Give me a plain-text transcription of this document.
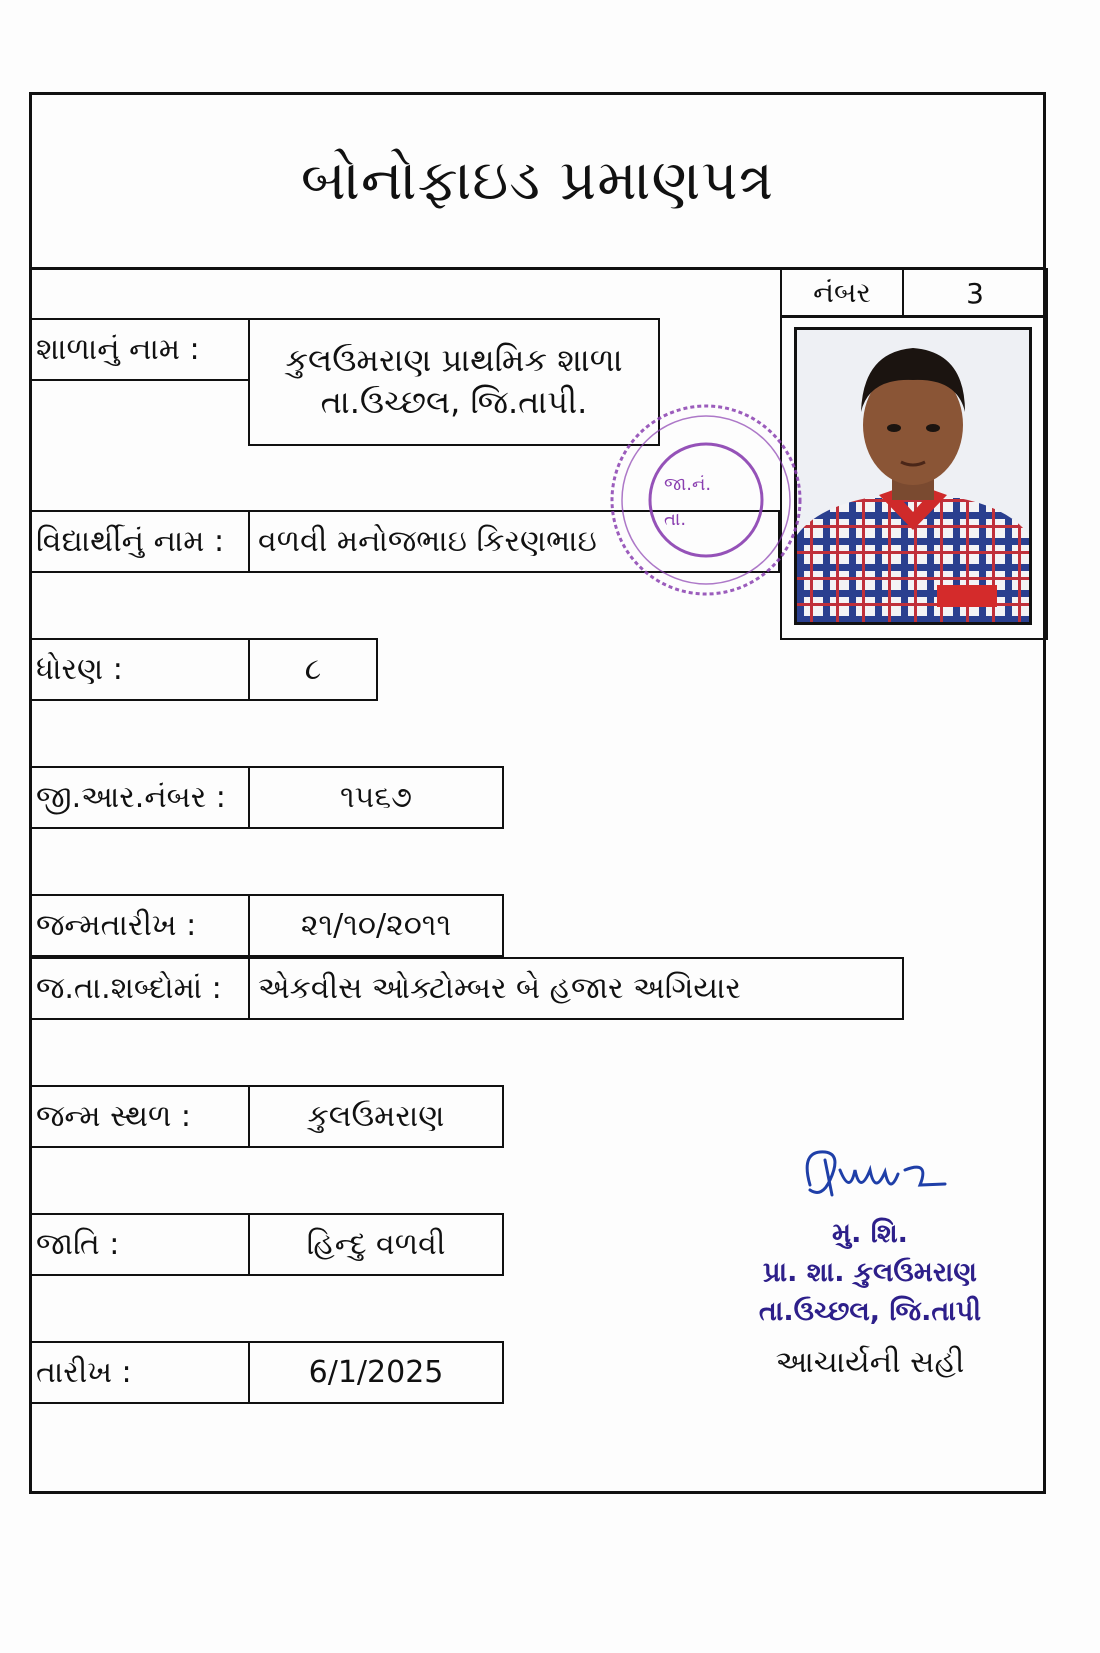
બોનોફાઇડ પ્રમાણપત્ર
નંબર	3
શાળાનું નામ :	કુલઉમરાણ પ્રાથમિક શાળા
તા.ઉચ્છલ, જિ.તાપી.
વિદ્યાર્થીનું નામ :	વળવી મનોજભાઇ કિરણભાઇ
ધોરણ :	૮
જી.આર.નંબર :	૧૫૬૭
જન્મતારીખ :	૨૧/૧૦/૨૦૧૧
જ.તા.શબ્દોમાં :	એકવીસ ઓક્ટોમ્બર બે હજાર અગિયાર
જન્મ સ્થળ :	કુલઉમરાણ
જાતિ :	હિન્દુ વળવી
તારીખ :	6/1/2025
જા.નં.
તા.
મુ. શિ.
પ્રા. શા. કુલઉમરાણ
તા.ઉચ્છલ, જિ.તાપી
આચાર્યની સહી
